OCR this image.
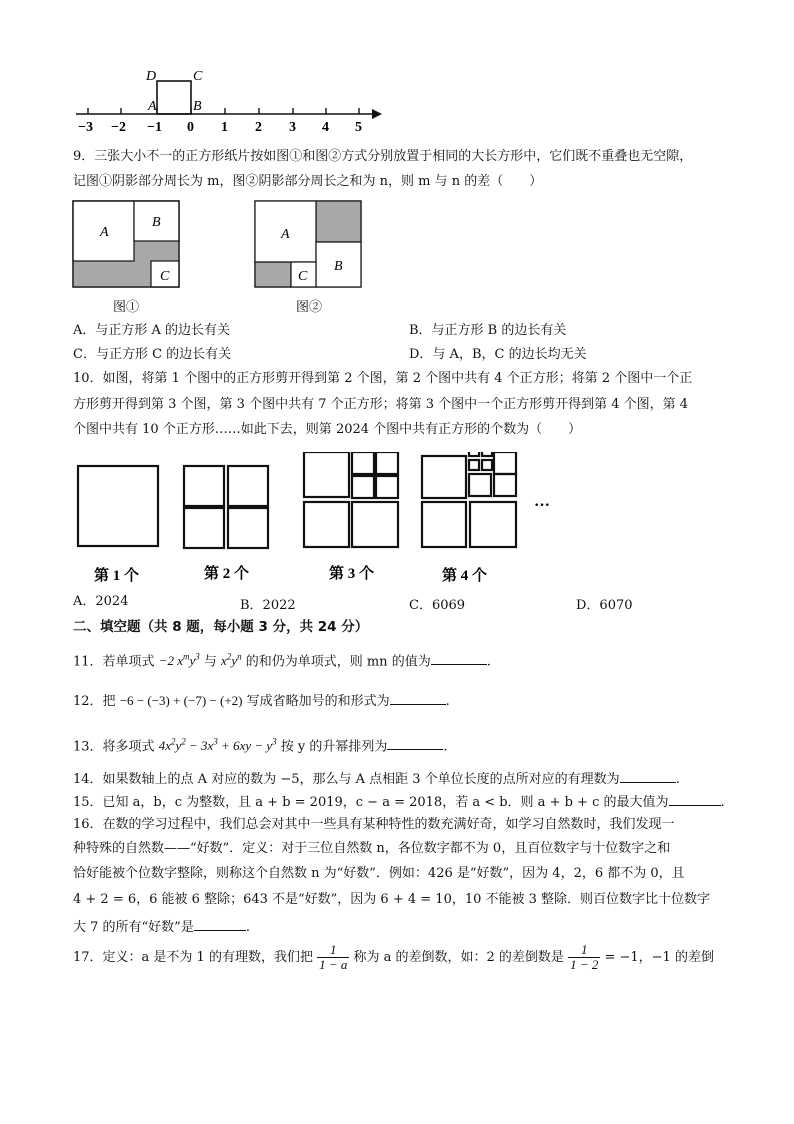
D	C
A	B
−3 −2 −1 0 1 2 3 4 5
9．三张大小不一的正方形纸片按如图①和图②方式分别放置于相同的大长方形中，它们既不重叠也无空隙，
记图①阴影部分周长为 m，图②阴影部分周长之和为 n，则 m 与 n 的差（　　）
A
B
C
图①
A
B
C
图②
A．与正方形 A 的边长有关	B．与正方形 B 的边长有关
C．与正方形 C 的边长有关	D．与 A，B，C 的边长均无关
10．如图，将第 1 个图中的正方形剪开得到第 2 个图，第 2 个图中共有 4 个正方形；将第 2 个图中一个正
方形剪开得到第 3 个图，第 3 个图中共有 7 个正方形；将第 3 个图中一个正方形剪开得到第 4 个图，第 4
个图中共有 10 个正方形……如此下去，则第 2024 个图中共有正方形的个数为（　　）
···
第 1 个	第 2 个	第 3 个	第 4 个
A．2024	B．2022	C．6069	D．6070
二、填空题（共 8 题，每小题 3 分，共 24 分）
11．若单项式 −2 $x^my^3$ 与 $x^2y^n$ 的和仍为单项式，则 mn 的值为	.
12．把 −6 − (−3) + (−7) − (+2) 写成省略加号的和形式为	.
13．将多项式 $4x^2y^2 - 3x^3 + 6xy - y^3$ 按 y 的升幂排列为	.
14．如果数轴上的点 A 对应的数为 −5，那么与 A 点相距 3 个单位长度的点所对应的有理数为	.
15．已知 a，b，c 为整数，且 a + b = 2019，c − a = 2018，若 a < b．则 a + b + c 的最大值为	.
16．在数的学习过程中，我们总会对其中一些具有某种特性的数充满好奇，如学习自然数时，我们发现一
种特殊的自然数——“好数”．定义：对于三位自然数 n，各位数字都不为 0，且百位数字与十位数字之和
恰好能被个位数字整除，则称这个自然数 n 为“好数”．例如：426 是“好数”，因为 4，2，6 都不为 0，且
4 + 2 = 6，6 能被 6 整除；643 不是“好数”，因为 6 + 4 = 10，10 不能被 3 整除．则百位数字比十位数字
大 7 的所有“好数”是	.
17．定义：a 是不为 1 的有理数，我们把 $\frac{1}{1 - a}$ 称为 a 的差倒数，如：2 的差倒数是 $\frac{1}{1 - 2} = -1$，−1 的差倒
